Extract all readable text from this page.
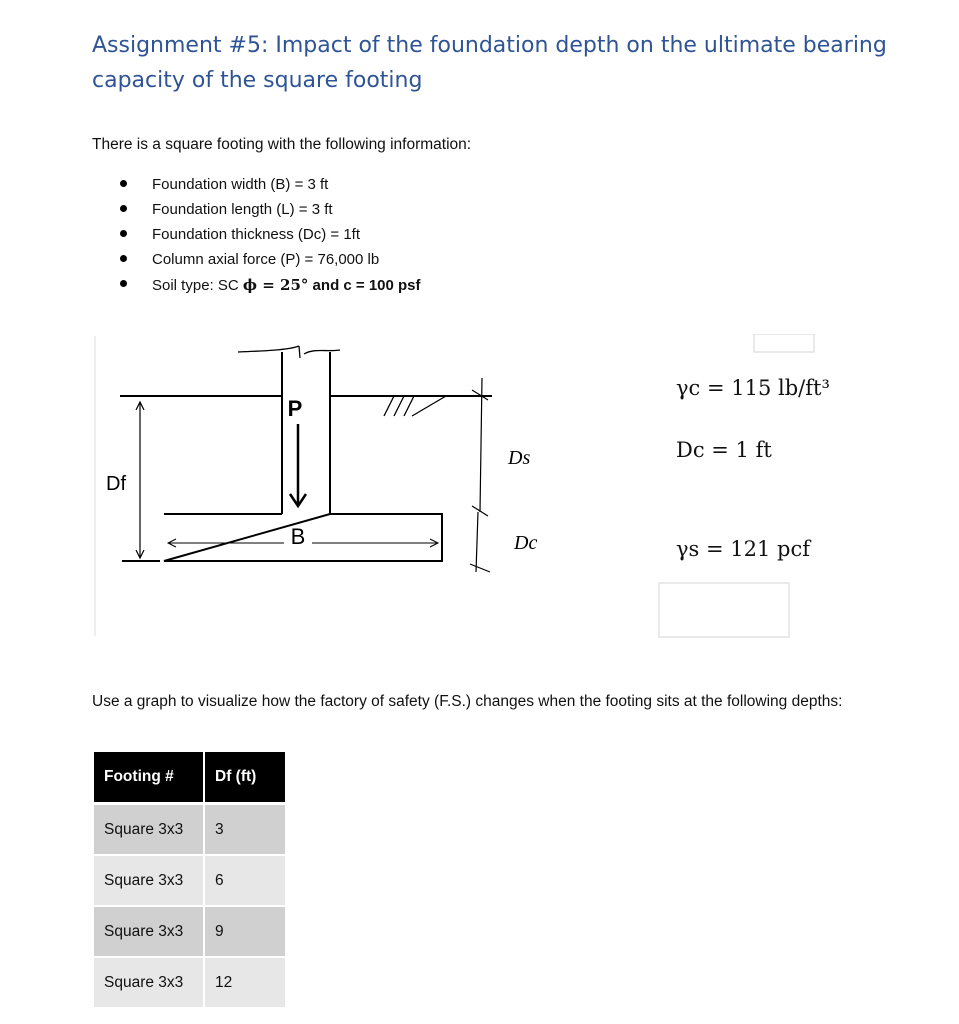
Assignment #5: Impact of the foundation depth on the ultimate bearing capacity of the square footing

There is a square footing with the following information:

Foundation width (B) = 3 ft
Foundation length (L) = 3 ft
Foundation thickness (Dc) = 1ft
Column axial force (P) = 76,000 lb
Soil type: SC ϕ = 25° and c = 100 psf
P
B
Df
Ds
Dc
γc = 115 lb/ft³
Dc = 1 ft
γs = 121 pcf

Use a graph to visualize how the factory of safety (F.S.) changes when the footing sits at the following depths:

Footing #	Df (ft)
Square 3x3	3
Square 3x3	6
Square 3x3	9
Square 3x3	12
